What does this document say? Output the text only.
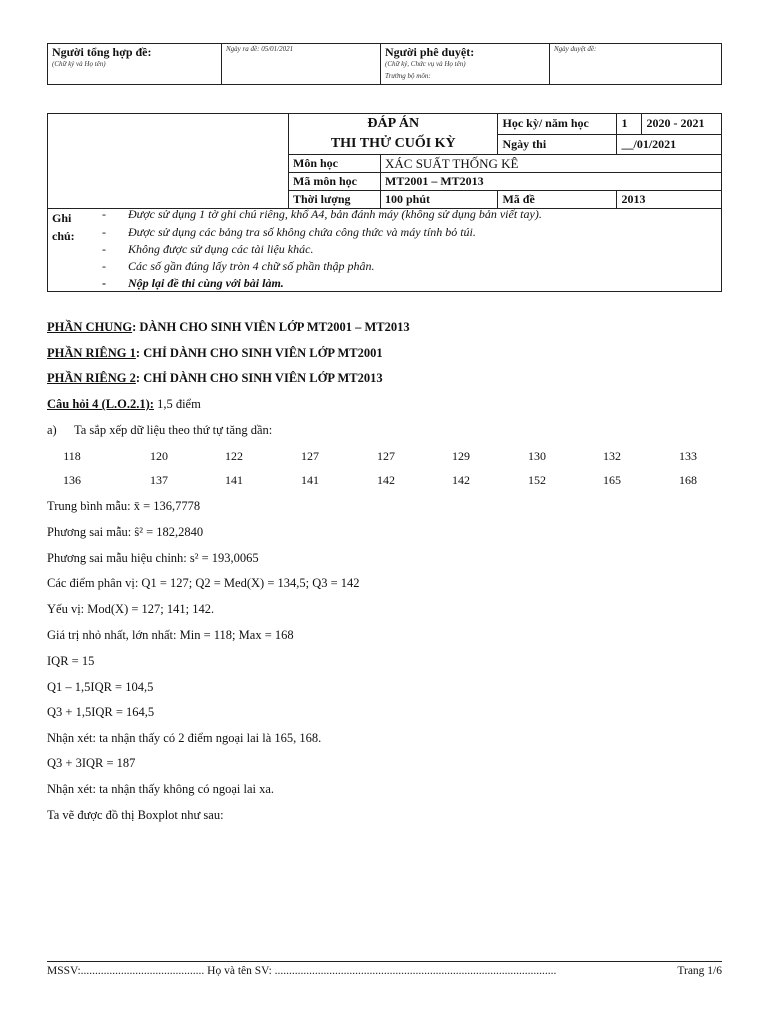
Người tổng hợp đề:
(Chữ ký và Họ tên)

Ngày ra đề: 05/01/2021	Người phê duyệt:
(Chữ ký, Chức vụ và Họ tên)
Trưởng bộ môn:

Ngày duyệt đề:

	ĐÁP ÁN
THI THỬ CUỐI KỲ		Học kỳ/ năm học	1	2020 - 2021
			Ngày thi	__/01/2021	
	Môn học	XÁC SUẤT THỐNG KÊ			
	Mã môn học	MT2001 – MT2013			
	Thời lượng	100 phút	Mã đề	2013	
Ghi
chú:
- Được sử dụng 1 tờ ghi chú riêng, khổ A4, bản đánh máy (không sử dụng bản viết tay).
- Được sử dụng các bảng tra số không chứa công thức và máy tính bỏ túi.
- Không được sử dụng các tài liệu khác.
- Các số gần đúng lấy tròn 4 chữ số phần thập phân.
- Nộp lại đề thi cùng với bài làm.
PHẦN CHUNG: DÀNH CHO SINH VIÊN LỚP MT2001 – MT2013
PHẦN RIÊNG 1: CHỈ DÀNH CHO SINH VIÊN LỚP MT2001
PHẦN RIÊNG 2: CHỈ DÀNH CHO SINH VIÊN LỚP MT2013
Câu hỏi 4 (L.O.2.1): 1,5 điểm
a) Ta sắp xếp dữ liệu theo thứ tự tăng dần:
118	120	122	127	127	129	130	132	133
136	137	141	141	142	142	152	165	168
Trung bình mẫu: x̄ = 136,7778
Phương sai mẫu: ŝ² = 182,2840
Phương sai mẫu hiệu chỉnh: s² = 193,0065
Các điểm phân vị: Q1 = 127; Q2 = Med(X) = 134,5; Q3 = 142
Yếu vị: Mod(X) = 127; 141; 142.
Giá trị nhỏ nhất, lớn nhất: Min = 118; Max = 168
IQR = 15
Q1 – 1,5IQR = 104,5
Q3 + 1,5IQR = 164,5
Nhận xét: ta nhận thấy có 2 điểm ngoại lai là 165, 168.
Q3 + 3IQR = 187
Nhận xét: ta nhận thấy không có ngoại lai xa.
Ta vẽ được đồ thị Boxplot như sau:
MSSV:........................................... Họ và tên SV: ..................................................................................................	Trang 1/6
